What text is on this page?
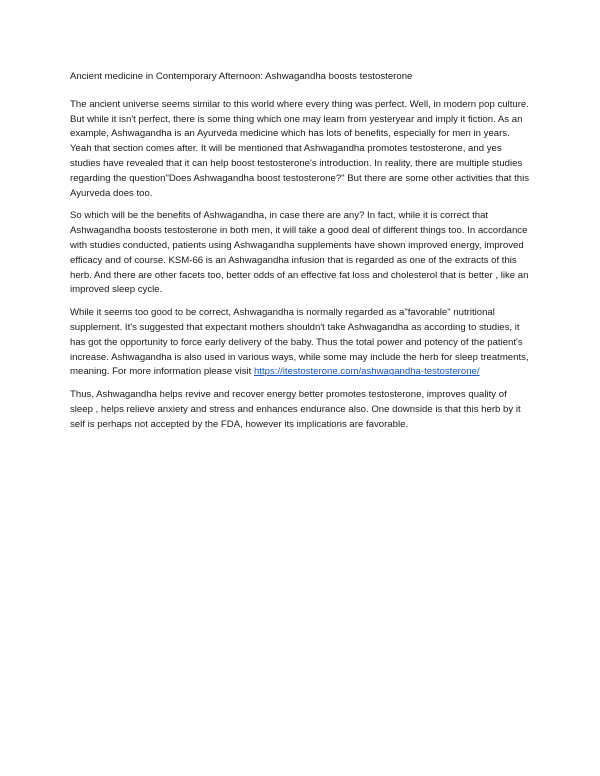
Ancient medicine in Contemporary Afternoon: Ashwagandha boosts testosterone

The ancient universe seems similar to this world where every thing was perfect. Well, in modern pop culture. But while it isn't perfect, there is some thing which one may learn from yesteryear and imply it fiction. As an example, Ashwagandha is an Ayurveda medicine which has lots of benefits, especially for men in years. Yeah that section comes after. It will be mentioned that Ashwagandha promotes testosterone, and yes studies have revealed that it can help boost testosterone's introduction. In reality, there are multiple studies regarding the question"Does Ashwagandha boost testosterone?" But there are some other activities that this Ayurveda does too.

So which will be the benefits of Ashwagandha, in case there are any? In fact, while it is correct that Ashwagandha boosts testosterone in both men, it will take a good deal of different things too. In accordance with studies conducted, patients using Ashwagandha supplements have shown improved energy, improved efficacy and of course. KSM-66 is an Ashwagandha infusion that is regarded as one of the extracts of this herb. And there are other facets too, better odds of an effective fat loss and cholesterol that is better , like an improved sleep cycle.

While it seems too good to be correct, Ashwagandha is normally regarded as a"favorable" nutritional supplement. It's suggested that expectant mothers shouldn't take Ashwagandha as according to studies, it has got the opportunity to force early delivery of the baby. Thus the total power and potency of the patient's increase. Ashwagandha is also used in various ways, while some may include the herb for sleep treatments, meaning. For more information please visit https://itestosterone.com/ashwagandha-testosterone/

Thus, Ashwagandha helps revive and recover energy better promotes testosterone, improves quality of sleep , helps relieve anxiety and stress and enhances endurance also. One downside is that this herb by it self is perhaps not accepted by the FDA, however its implications are favorable.
